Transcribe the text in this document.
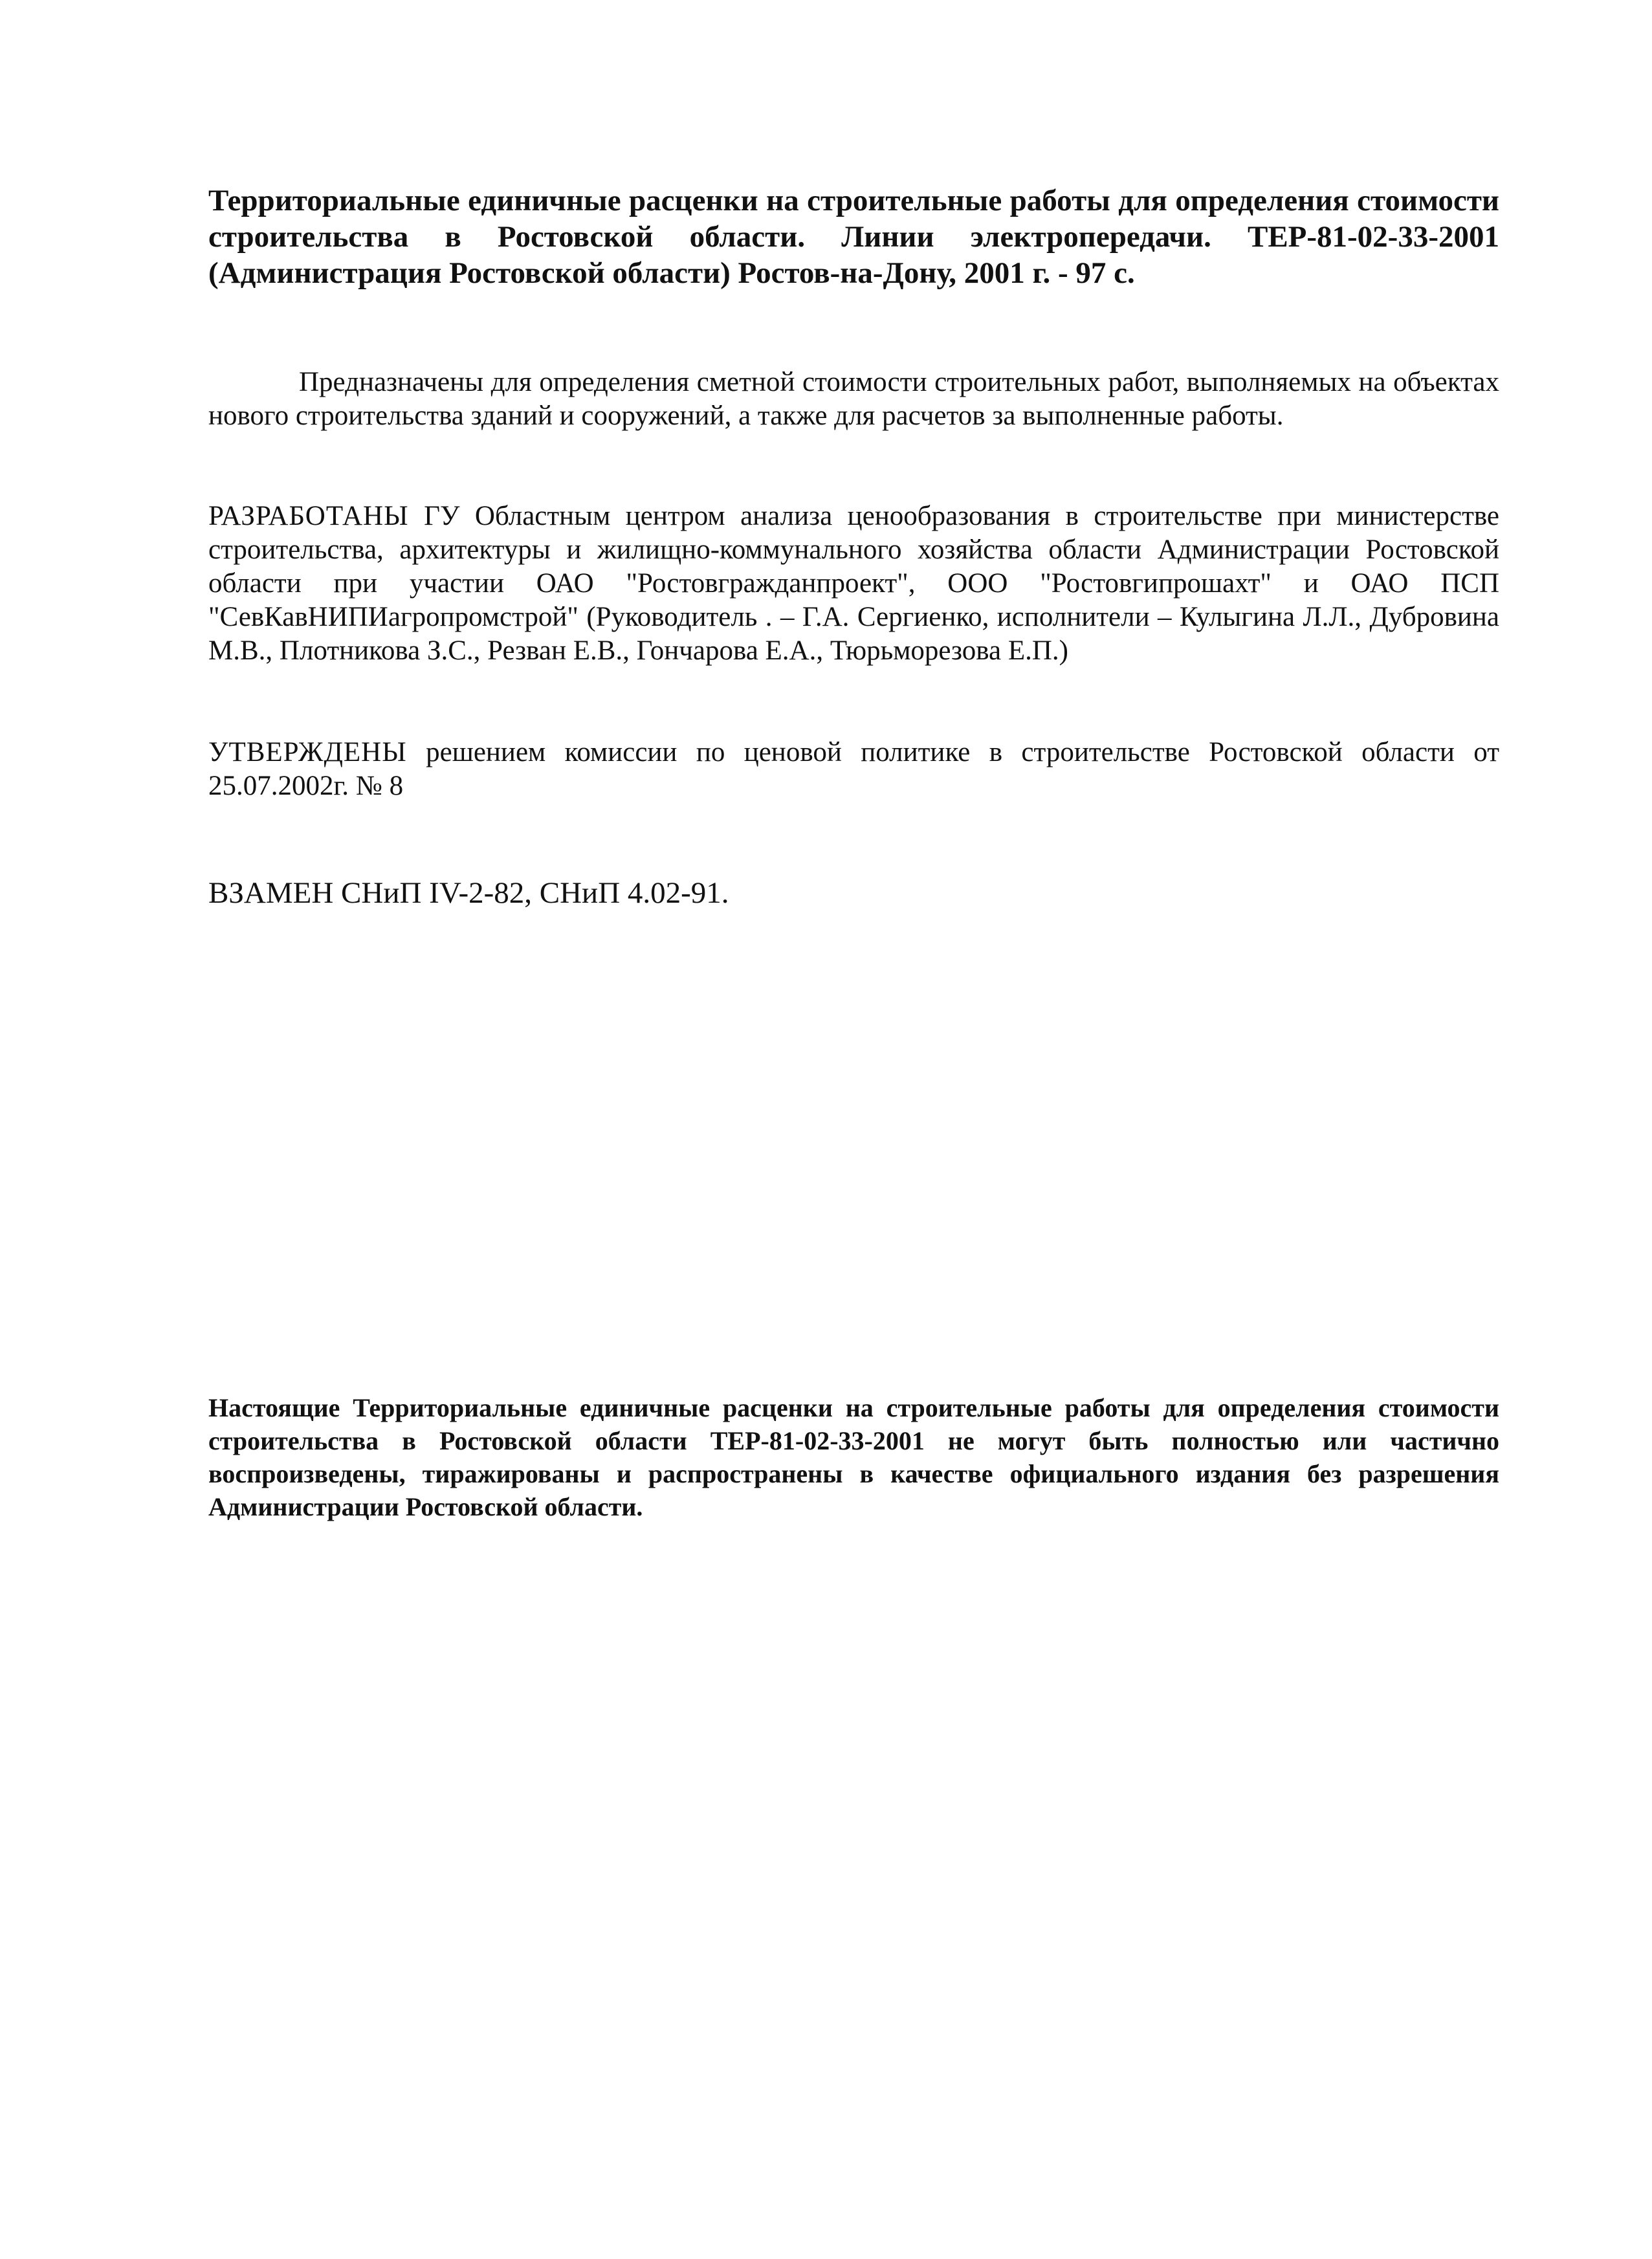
Территориальные единичные расценки на строительные работы для определения стоимости строительства в Ростовской области. Линии электропередачи. ТЕР-81-02-33-2001 (Администрация Ростовской области) Ростов-на-Дону, 2001 г. - 97 с.
Предназначены для определения сметной стоимости строительных работ, выполняемых на объектах нового строительства зданий и сооружений, а также для расчетов за выполненные работы.
РАЗРАБОТАНЫ ГУ Областным центром анализа ценообразования в строительстве при министерстве строительства, архитектуры и жилищно-коммунального хозяйства области Администрации Ростовской области при участии ОАО "Ростовгражданпроект", ООО "Ростовгипрошахт" и ОАО ПСП "СевКавНИПИагропромстрой" (Руководитель . – Г.А. Сергиенко, исполнители – Кулыгина Л.Л., Дубровина М.В., Плотникова З.С., Резван Е.В., Гончарова Е.А., Тюрьморезова Е.П.)
УТВЕРЖДЕНЫ решением комиссии по ценовой политике в строительстве Ростовской области от 25.07.2002г. № 8
ВЗАМЕН СНиП IV-2-82, СНиП 4.02-91.
Настоящие Территориальные единичные расценки на строительные работы для определения стоимости строительства в Ростовской области ТЕР-81-02-33-2001 не могут быть полностью или частично воспроизведены, тиражированы и распространены в качестве официального издания без разрешения Администрации Ростовской области.
